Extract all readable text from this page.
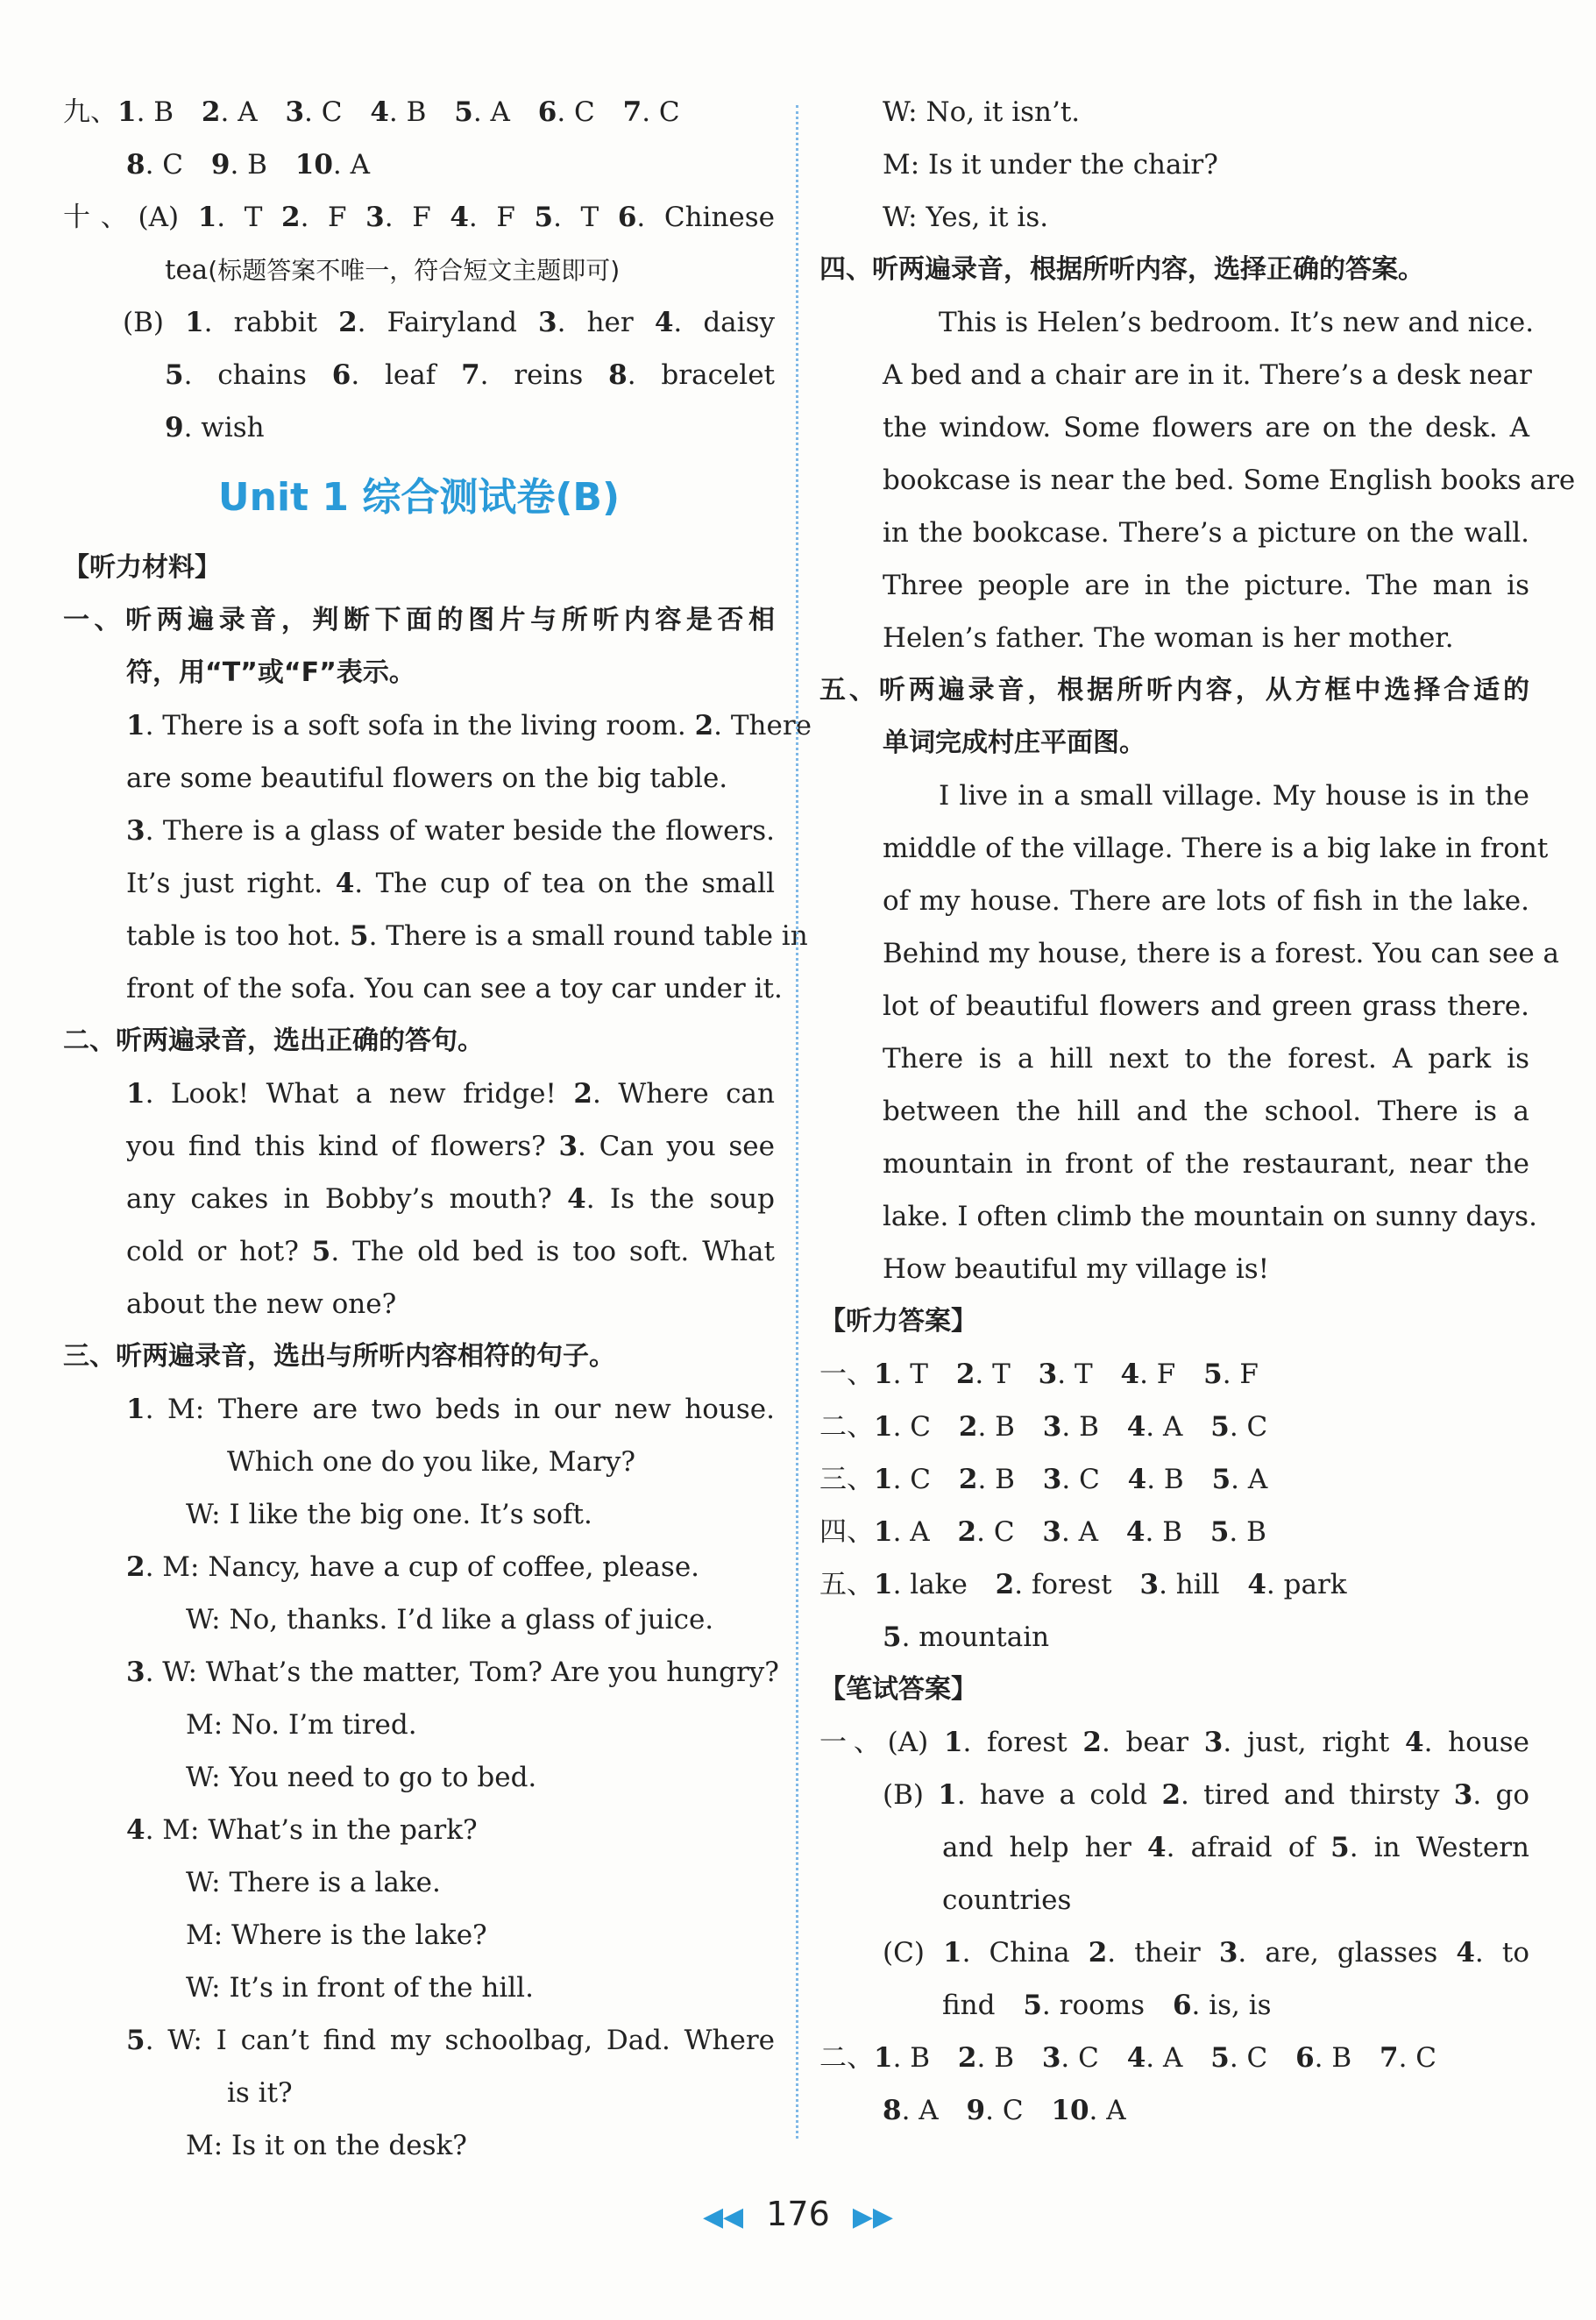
九、1. B 2. A 3. C 4. B 5. A 6. C 7. C
8. C 9. B 10. A
十、(A) 1. T 2. F 3. F 4. F 5. T 6. Chinese
tea(标题答案不唯一，符合短文主题即可)
(B) 1. rabbit 2. Fairyland 3. her 4. daisy
5. chains 6. leaf 7. reins 8. bracelet
9. wish
Unit 1 综合测试卷(B)
【听力材料】
一、听两遍录音，判断下面的图片与所听内容是否相
符，用“T”或“F”表示。
1. There is a soft sofa in the living room. 2. There
are some beautiful flowers on the big table.
3. There is a glass of water beside the flowers.
It’s just right. 4. The cup of tea on the small
table is too hot. 5. There is a small round table in
front of the sofa. You can see a toy car under it.
二、听两遍录音，选出正确的答句。
1. Look! What a new fridge! 2. Where can
you find this kind of flowers? 3. Can you see
any cakes in Bobby’s mouth? 4. Is the soup
cold or hot? 5. The old bed is too soft. What
about the new one?
三、听两遍录音，选出与所听内容相符的句子。
1. M: There are two beds in our new house.
Which one do you like, Mary?
W: I like the big one. It’s soft.
2. M: Nancy, have a cup of coffee, please.
W: No, thanks. I’d like a glass of juice.
3. W: What’s the matter, Tom? Are you hungry?
M: No. I’m tired.
W: You need to go to bed.
4. M: What’s in the park?
W: There is a lake.
M: Where is the lake?
W: It’s in front of the hill.
5. W: I can’t find my schoolbag, Dad. Where
is it?
M: Is it on the desk?
W: No, it isn’t.
M: Is it under the chair?
W: Yes, it is.
四、听两遍录音，根据所听内容，选择正确的答案。
This is Helen’s bedroom. It’s new and nice.
A bed and a chair are in it. There’s a desk near
the window. Some flowers are on the desk. A
bookcase is near the bed. Some English books are
in the bookcase. There’s a picture on the wall.
Three people are in the picture. The man is
Helen’s father. The woman is her mother.
五、听两遍录音，根据所听内容，从方框中选择合适的
单词完成村庄平面图。
I live in a small village. My house is in the
middle of the village. There is a big lake in front
of my house. There are lots of fish in the lake.
Behind my house, there is a forest. You can see a
lot of beautiful flowers and green grass there.
There is a hill next to the forest. A park is
between the hill and the school. There is a
mountain in front of the restaurant, near the
lake. I often climb the mountain on sunny days.
How beautiful my village is!
【听力答案】
一、1. T 2. T 3. T 4. F 5. F
二、1. C 2. B 3. B 4. A 5. C
三、1. C 2. B 3. C 4. B 5. A
四、1. A 2. C 3. A 4. B 5. B
五、1. lake 2. forest 3. hill 4. park
5. mountain
【笔试答案】
一、(A) 1. forest 2. bear 3. just, right 4. house
(B) 1. have a cold 2. tired and thirsty 3. go
and help her 4. afraid of 5. in Western
countries
(C) 1. China 2. their 3. are, glasses 4. to
find 5. rooms 6. is, is
二、1. B 2. B 3. C 4. A 5. C 6. B 7. C
8. A 9. C 10. A
◀◀ 176 ▶▶
